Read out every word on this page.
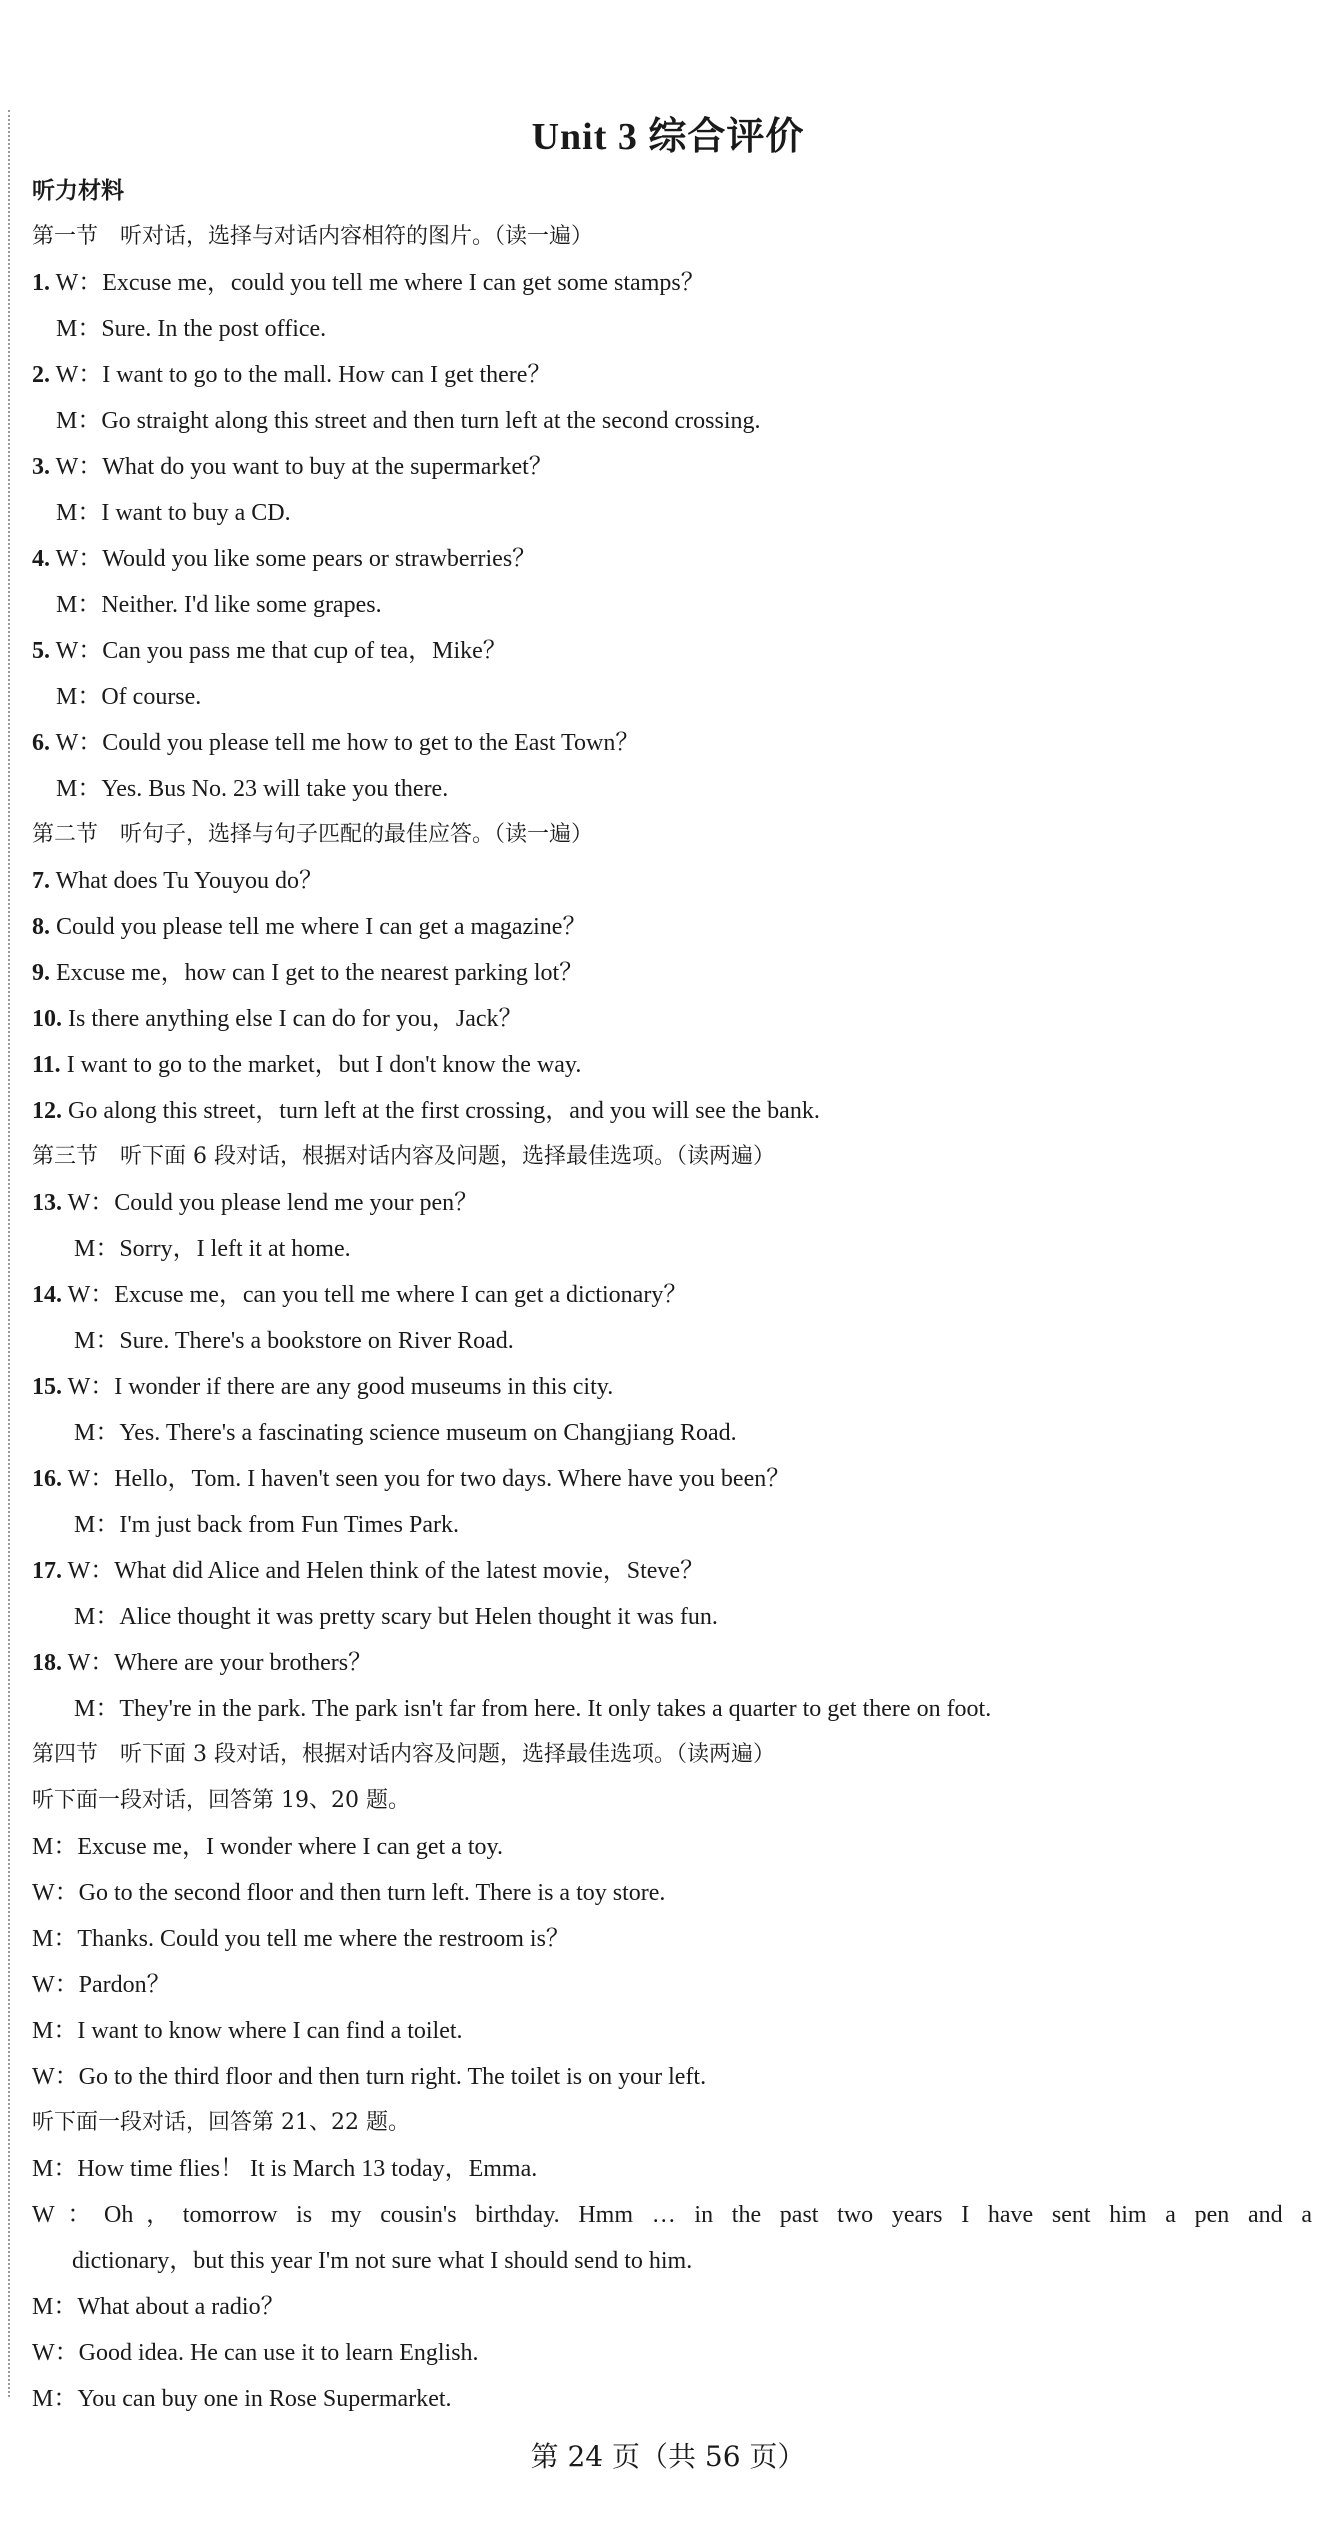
Unit 3 综合评价
听力材料
第一节　听对话，选择与对话内容相符的图片。（读一遍）
1. W：Excuse me，could you tell me where I can get some stamps？
M：Sure. In the post office.
2. W：I want to go to the mall. How can I get there？
M：Go straight along this street and then turn left at the second crossing.
3. W：What do you want to buy at the supermarket？
M：I want to buy a CD.
4. W：Would you like some pears or strawberries？
M：Neither. I'd like some grapes.
5. W：Can you pass me that cup of tea，Mike？
M：Of course.
6. W：Could you please tell me how to get to the East Town？
M：Yes. Bus No. 23 will take you there.
第二节　听句子，选择与句子匹配的最佳应答。（读一遍）
7. What does Tu Youyou do？
8. Could you please tell me where I can get a magazine？
9. Excuse me，how can I get to the nearest parking lot？
10. Is there anything else I can do for you，Jack？
11. I want to go to the market，but I don't know the way.
12. Go along this street，turn left at the first crossing，and you will see the bank.
第三节　听下面 6 段对话，根据对话内容及问题，选择最佳选项。（读两遍）
13. W：Could you please lend me your pen？
M：Sorry，I left it at home.
14. W：Excuse me，can you tell me where I can get a dictionary？
M：Sure. There's a bookstore on River Road.
15. W：I wonder if there are any good museums in this city.
M：Yes. There's a fascinating science museum on Changjiang Road.
16. W：Hello，Tom. I haven't seen you for two days. Where have you been？
M：I'm just back from Fun Times Park.
17. W：What did Alice and Helen think of the latest movie，Steve？
M：Alice thought it was pretty scary but Helen thought it was fun.
18. W：Where are your brothers？
M：They're in the park. The park isn't far from here. It only takes a quarter to get there on foot.
第四节　听下面 3 段对话，根据对话内容及问题，选择最佳选项。（读两遍）
听下面一段对话，回答第 19、20 题。
M：Excuse me，I wonder where I can get a toy.
W：Go to the second floor and then turn left. There is a toy store.
M：Thanks. Could you tell me where the restroom is？
W：Pardon？
M：I want to know where I can find a toilet.
W：Go to the third floor and then turn right. The toilet is on your left.
听下面一段对话，回答第 21、22 题。
M：How time flies！ It is March 13 today，Emma.
W：Oh，tomorrow is my cousin's birthday. Hmm … in the past two years I have sent him a pen and a
dictionary，but this year I'm not sure what I should send to him.
M：What about a radio？
W：Good idea. He can use it to learn English.
M：You can buy one in Rose Supermarket.
第 24 页（共 56 页）
